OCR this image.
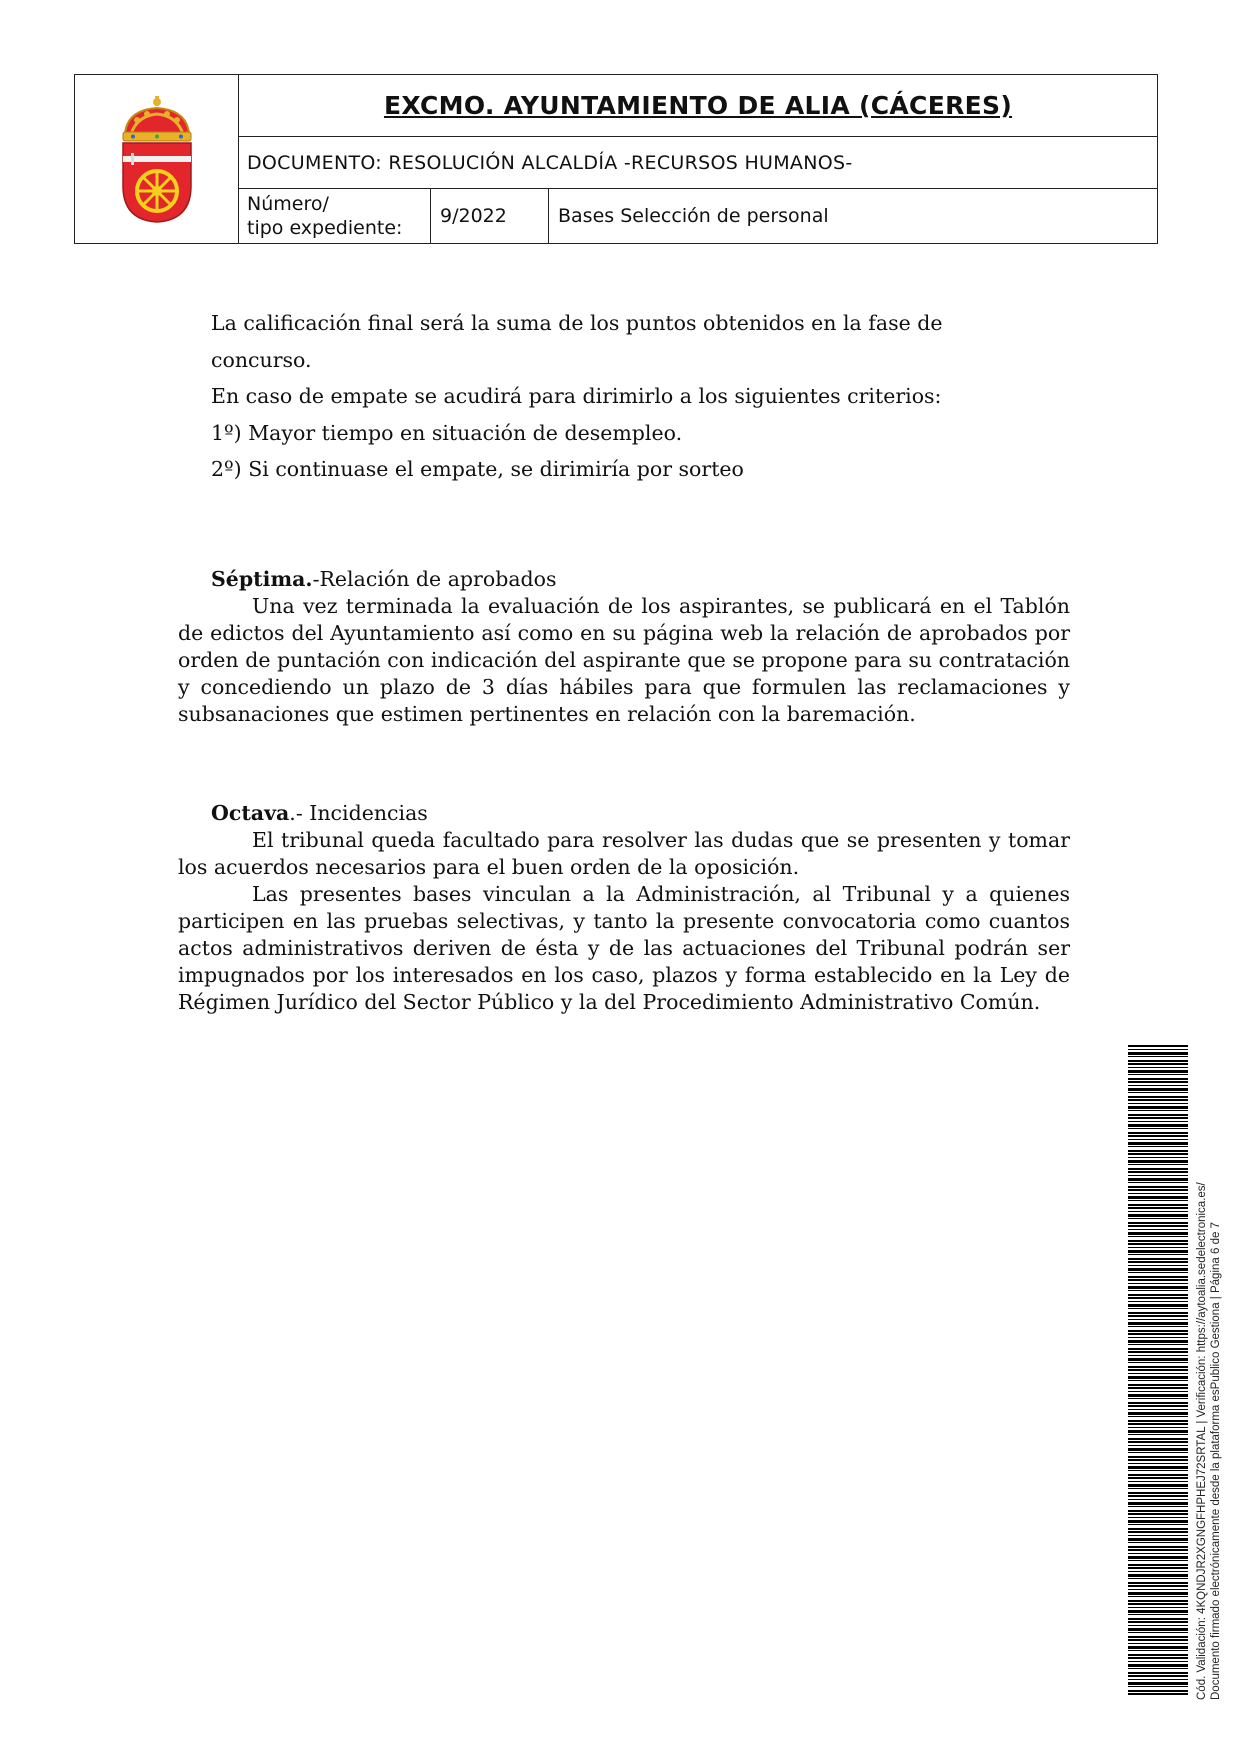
EXCMO. AYUNTAMIENTO DE ALIA (CÁCERES)
DOCUMENTO: RESOLUCIÓN ALCALDÍA -RECURSOS HUMANOS-
Número/
tipo expediente:
9/2022	Bases Selección de personal

La calificación final será la suma de los puntos obtenidos en la fase de

concurso.

En caso de empate se acudirá para dirimirlo a los siguientes criterios:

1º) Mayor tiempo en situación de desempleo.

2º) Si continuase el empate, se dirimiría por sorteo

Séptima.-Relación de aprobados

Una vez terminada la evaluación de los aspirantes, se publicará en el Tablón de edictos del Ayuntamiento así como en su página web la relación de aprobados por orden de puntación con indicación del aspirante que se propone para su contratación y concediendo un plazo de 3 días hábiles para que formulen las reclamaciones y subsanaciones que estimen pertinentes en relación con la baremación.

Octava.- Incidencias

El tribunal queda facultado para resolver las dudas que se presenten y tomar los acuerdos necesarios para el buen orden de la oposición.

Las presentes bases vinculan a la Administración, al Tribunal y a quienes participen en las pruebas selectivas, y tanto la presente convocatoria como cuantos actos administrativos deriven de ésta y de las actuaciones del Tribunal podrán ser impugnados por los interesados en los caso, plazos y forma establecido en la Ley de Régimen Jurídico del Sector Público y la del Procedimiento Administrativo Común.

Cód. Validación: 4KQNDJR2XGNGFHPHEJ72SRTAL | Verificación: https://aytoalia.sedelectronica.es/ Documento firmado electrónicamente desde la plataforma esPublico Gestiona | Página 6 de 7
